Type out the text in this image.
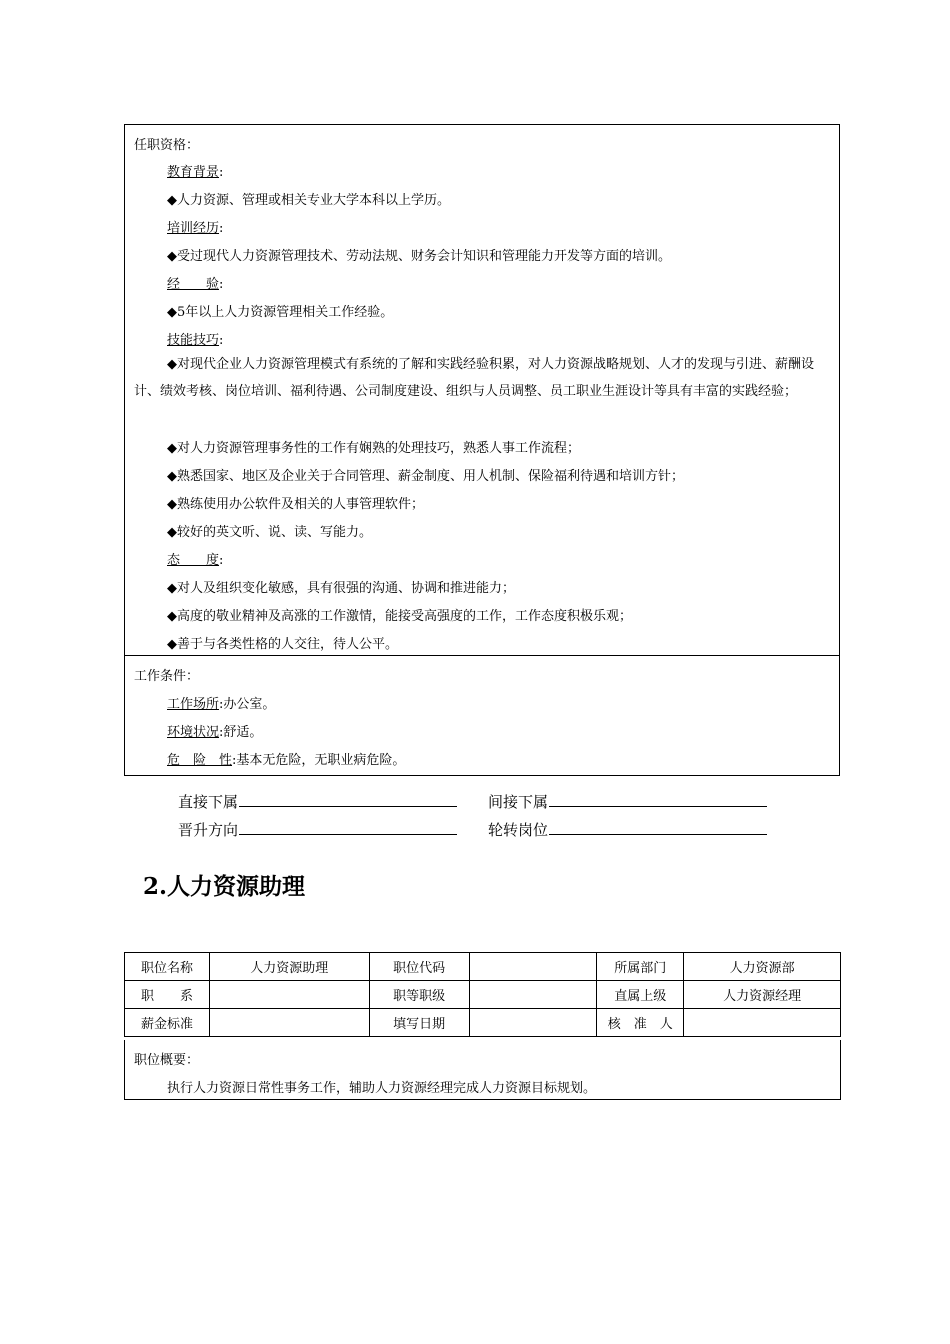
任职资格：
教育背景:
◆人力资源、管理或相关专业大学本科以上学历。
培训经历:
◆受过现代人力资源管理技术、劳动法规、财务会计知识和管理能力开发等方面的培训。
经　　验:
◆5年以上人力资源管理相关工作经验。
技能技巧:
◆对现代企业人力资源管理模式有系统的了解和实践经验积累，对人力资源战略规划、人才的发现与引进、薪酬设计、绩效考核、岗位培训、福利待遇、公司制度建设、组织与人员调整、员工职业生涯设计等具有丰富的实践经验；
◆对人力资源管理事务性的工作有娴熟的处理技巧，熟悉人事工作流程；
◆熟悉国家、地区及企业关于合同管理、薪金制度、用人机制、保险福利待遇和培训方针；
◆熟练使用办公软件及相关的人事管理软件；
◆较好的英文听、说、读、写能力。
态　　度:
◆对人及组织变化敏感，具有很强的沟通、协调和推进能力；
◆高度的敬业精神及高涨的工作激情，能接受高强度的工作，工作态度积极乐观；
◆善于与各类性格的人交往，待人公平。
工作条件：
工作场所:办公室。
环境状况:舒适。
危　险　性:基本无危险，无职业病危险。
直接下属	间接下属
晋升方向	轮转岗位
2.人力资源助理
职位名称	人力资源助理	职位代码		所属部门	人力资源部
职　　系		职等职级		直属上级	人力资源经理
薪金标准		填写日期		核　准　人	
职位概要：
执行人力资源日常性事务工作，辅助人力资源经理完成人力资源目标规划。
